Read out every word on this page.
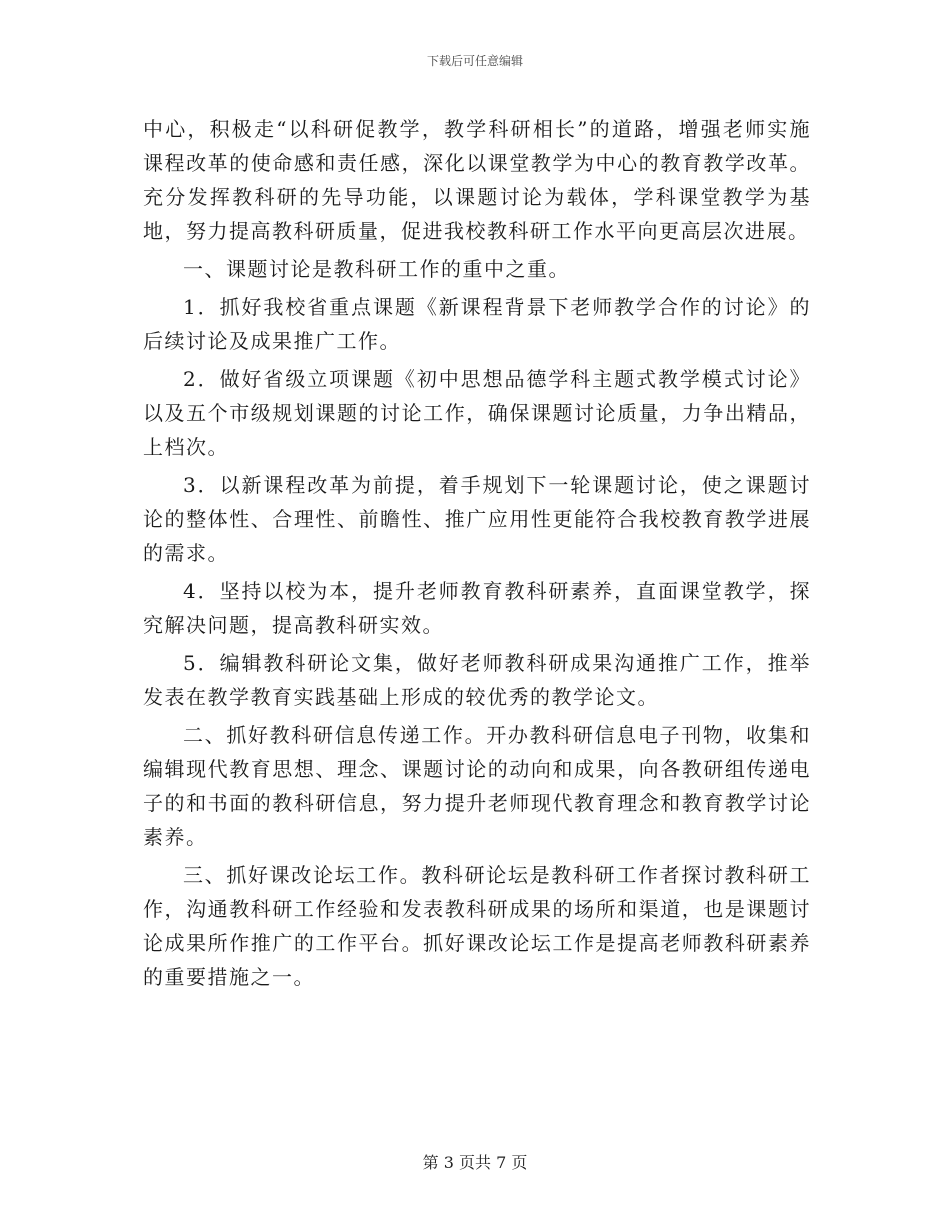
下载后可任意编辑

中心，积极走“以科研促教学，教学科研相长”的道路，增强老师实施课程改革的使命感和责任感，深化以课堂教学为中心的教育教学改革。充分发挥教科研的先导功能，以课题讨论为载体，学科课堂教学为基地，努力提高教科研质量，促进我校教科研工作水平向更高层次进展。

一、课题讨论是教科研工作的重中之重。

1．抓好我校省重点课题《新课程背景下老师教学合作的讨论》的后续讨论及成果推广工作。

2．做好省级立项课题《初中思想品德学科主题式教学模式讨论》以及五个市级规划课题的讨论工作，确保课题讨论质量，力争出精品，上档次。

3．以新课程改革为前提，着手规划下一轮课题讨论，使之课题讨论的整体性、合理性、前瞻性、推广应用性更能符合我校教育教学进展的需求。

4．坚持以校为本，提升老师教育教科研素养，直面课堂教学，探究解决问题，提高教科研实效。

5．编辑教科研论文集，做好老师教科研成果沟通推广工作，推举发表在教学教育实践基础上形成的较优秀的教学论文。

二、抓好教科研信息传递工作。开办教科研信息电子刊物，收集和编辑现代教育思想、理念、课题讨论的动向和成果，向各教研组传递电子的和书面的教科研信息，努力提升老师现代教育理念和教育教学讨论素养。

三、抓好课改论坛工作。教科研论坛是教科研工作者探讨教科研工作，沟通教科研工作经验和发表教科研成果的场所和渠道，也是课题讨论成果所作推广的工作平台。抓好课改论坛工作是提高老师教科研素养的重要措施之一。

第 3 页共 7 页
